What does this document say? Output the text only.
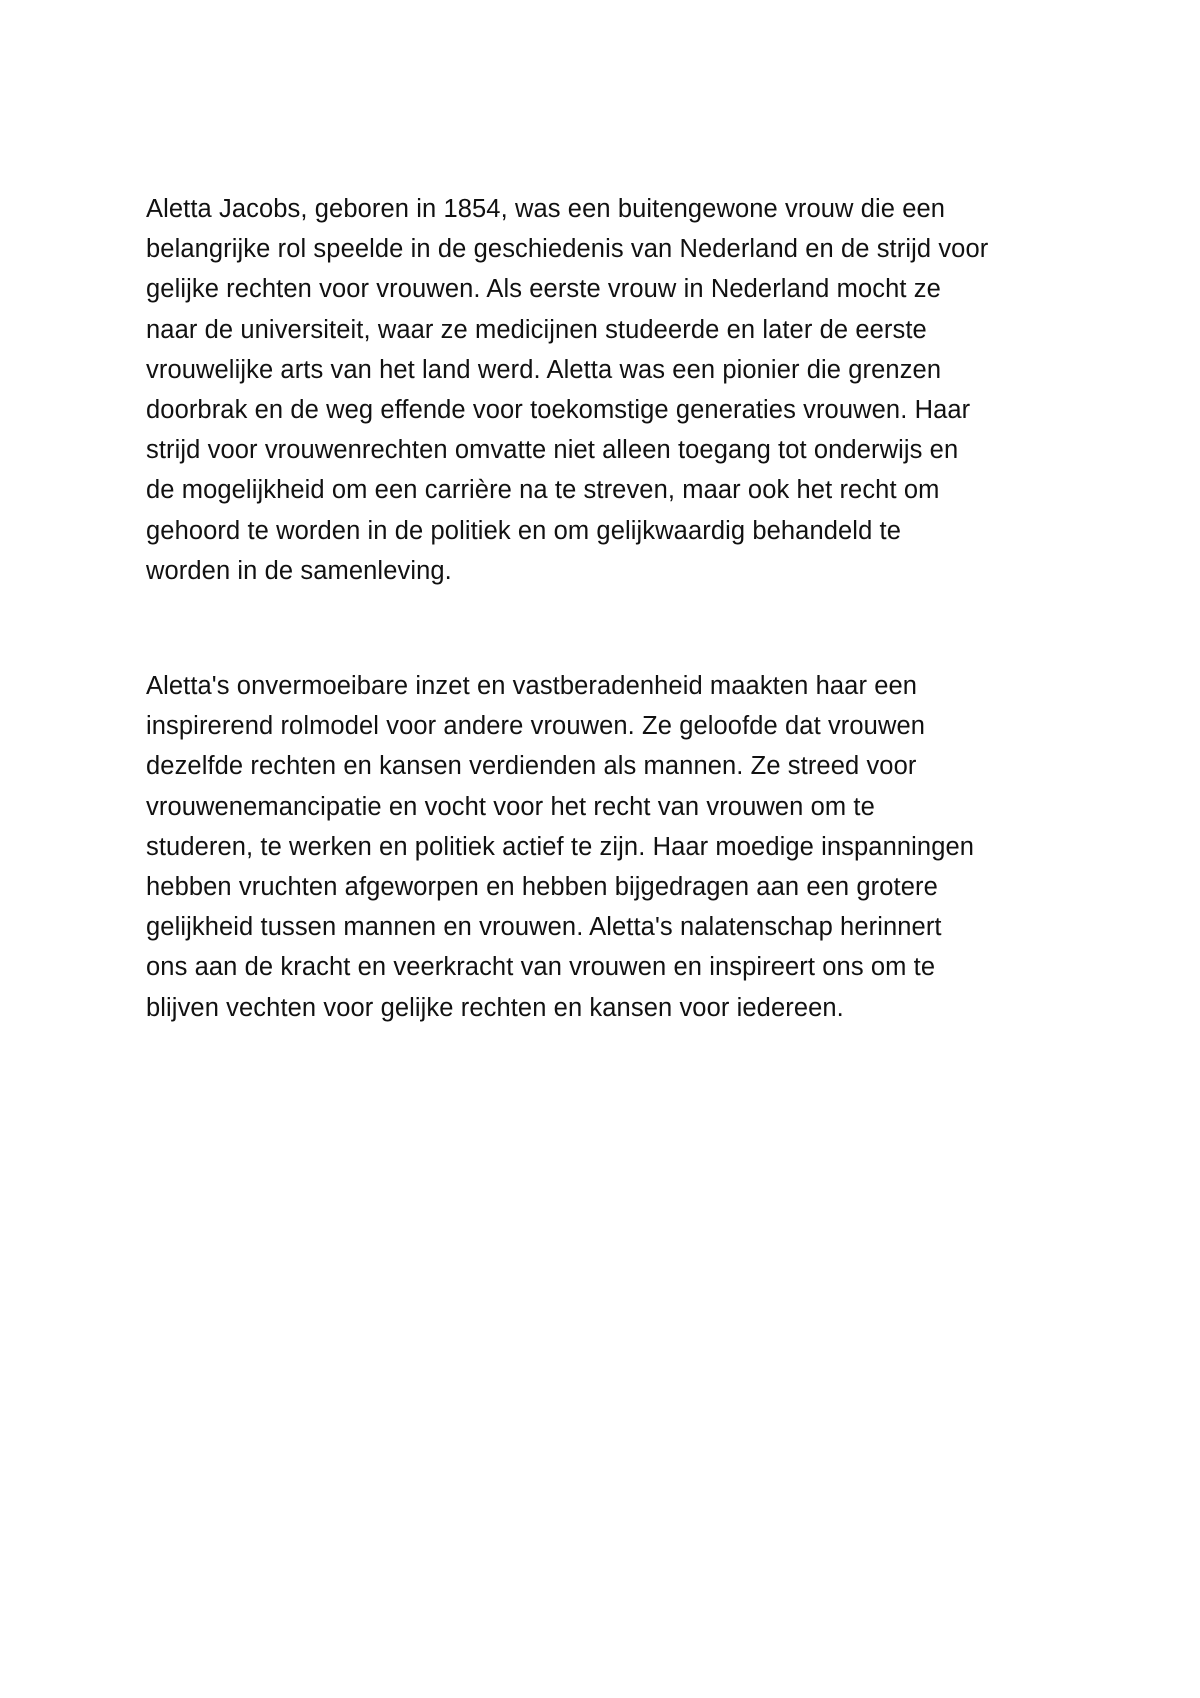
Aletta Jacobs, geboren in 1854, was een buitengewone vrouw die een
belangrijke rol speelde in de geschiedenis van Nederland en de strijd voor
gelijke rechten voor vrouwen. Als eerste vrouw in Nederland mocht ze
naar de universiteit, waar ze medicijnen studeerde en later de eerste
vrouwelijke arts van het land werd. Aletta was een pionier die grenzen
doorbrak en de weg effende voor toekomstige generaties vrouwen. Haar
strijd voor vrouwenrechten omvatte niet alleen toegang tot onderwijs en
de mogelijkheid om een carrière na te streven, maar ook het recht om
gehoord te worden in de politiek en om gelijkwaardig behandeld te
worden in de samenleving.
Aletta's onvermoeibare inzet en vastberadenheid maakten haar een
inspirerend rolmodel voor andere vrouwen. Ze geloofde dat vrouwen
dezelfde rechten en kansen verdienden als mannen. Ze streed voor
vrouwenemancipatie en vocht voor het recht van vrouwen om te
studeren, te werken en politiek actief te zijn. Haar moedige inspanningen
hebben vruchten afgeworpen en hebben bijgedragen aan een grotere
gelijkheid tussen mannen en vrouwen. Aletta's nalatenschap herinnert
ons aan de kracht en veerkracht van vrouwen en inspireert ons om te
blijven vechten voor gelijke rechten en kansen voor iedereen.
